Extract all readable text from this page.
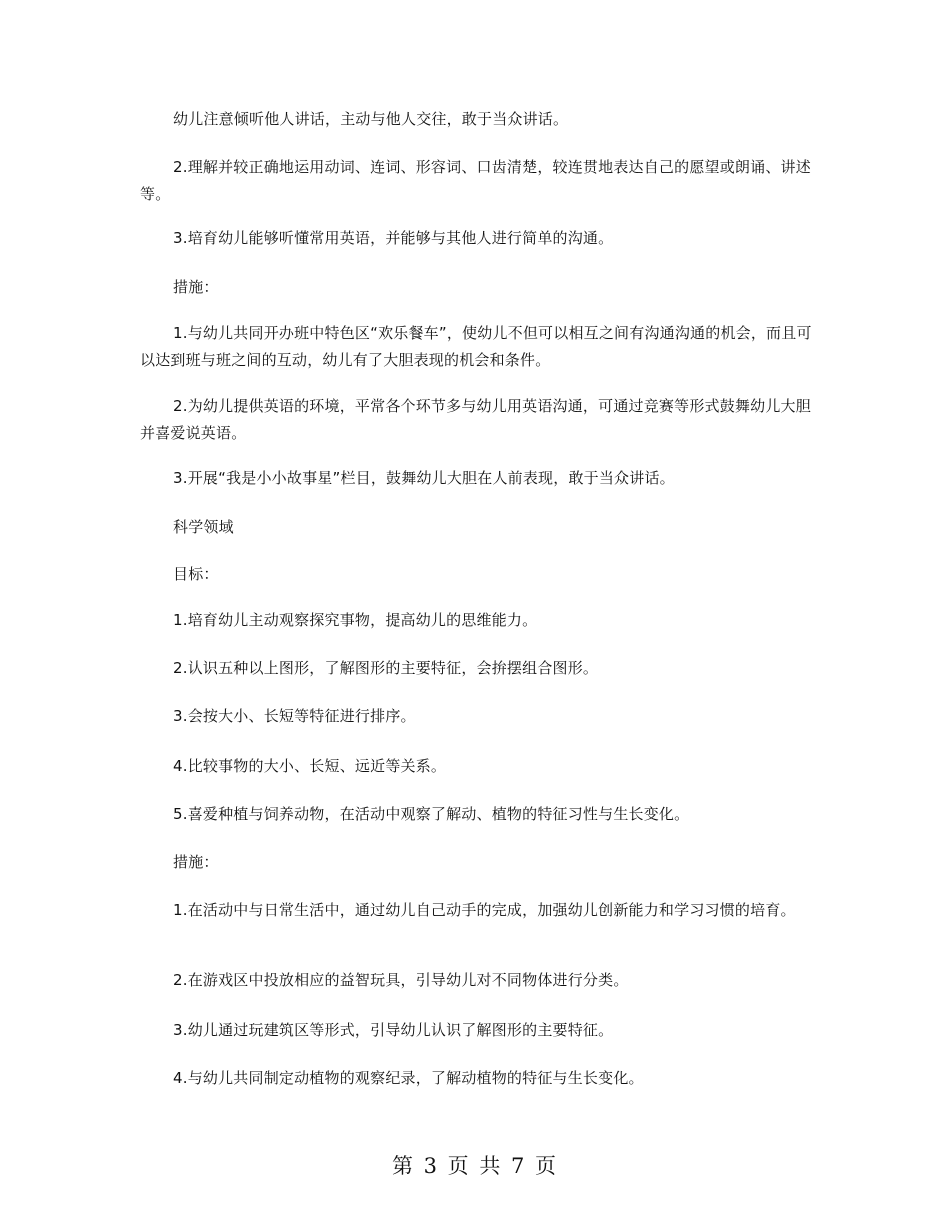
幼儿注意倾听他人讲话，主动与他人交往，敢于当众讲话。

2.理解并较正确地运用动词、连词、形容词、口齿清楚，较连贯地表达自己的愿望或朗诵、讲述等。

3.培育幼儿能够听懂常用英语，并能够与其他人进行简单的沟通。

措施：

1.与幼儿共同开办班中特色区“欢乐餐车”，使幼儿不但可以相互之间有沟通沟通的机会，而且可以达到班与班之间的互动，幼儿有了大胆表现的机会和条件。

2.为幼儿提供英语的环境，平常各个环节多与幼儿用英语沟通，可通过竞赛等形式鼓舞幼儿大胆并喜爱说英语。

3.开展“我是小小故事星”栏目，鼓舞幼儿大胆在人前表现，敢于当众讲话。

科学领域

目标：

1.培育幼儿主动观察探究事物，提高幼儿的思维能力。

2.认识五种以上图形，了解图形的主要特征，会拚摆组合图形。

3.会按大小、长短等特征进行排序。

4.比较事物的大小、长短、远近等关系。

5.喜爱种植与饲养动物，在活动中观察了解动、植物的特征习性与生长变化。

措施：

1.在活动中与日常生活中，通过幼儿自己动手的完成，加强幼儿创新能力和学习习惯的培育。

2.在游戏区中投放相应的益智玩具，引导幼儿对不同物体进行分类。

3.幼儿通过玩建筑区等形式，引导幼儿认识了解图形的主要特征。

4.与幼儿共同制定动植物的观察纪录，了解动植物的特征与生长变化。

第 3 页 共 7 页
